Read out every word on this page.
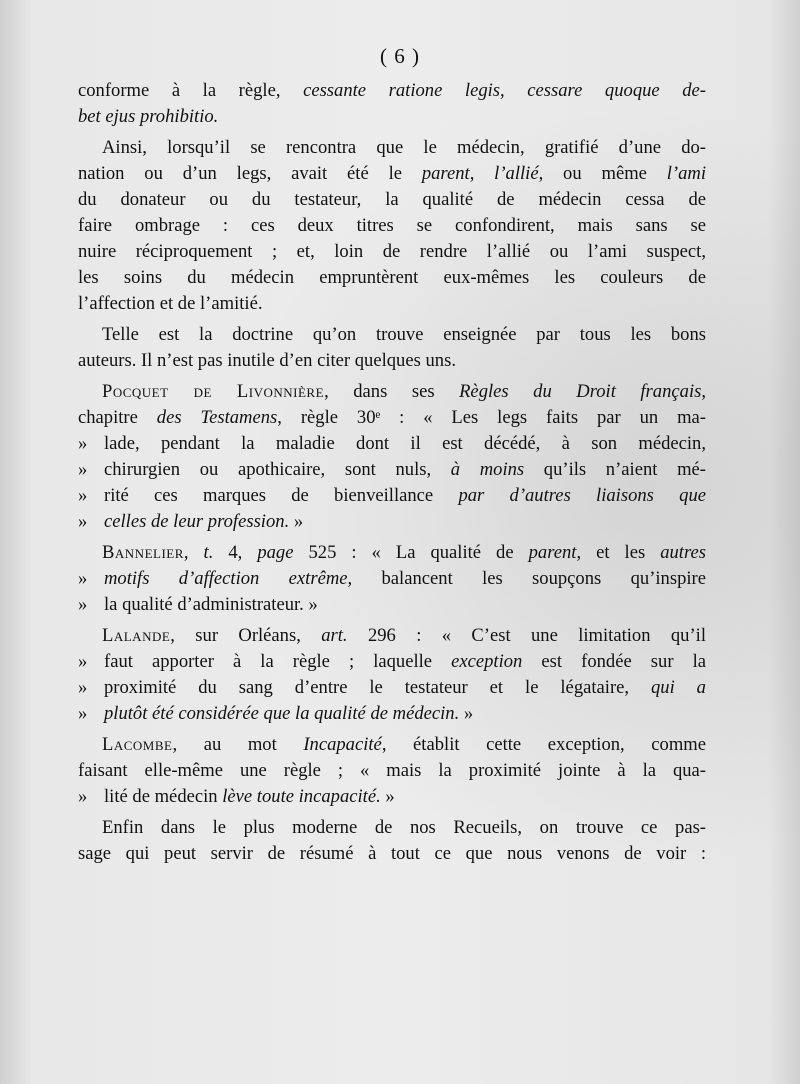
( 6 )
conforme à la règle, cessante ratione legis, cessare quoque de-
bet ejus prohibitio.
Ainsi, lorsqu’il se rencontra que le médecin, gratifié d’une do-
nation ou d’un legs, avait été le parent, l’allié, ou même l’ami
du donateur ou du testateur, la qualité de médecin cessa de
faire ombrage : ces deux titres se confondirent, mais sans se
nuire réciproquement ; et, loin de rendre l’allié ou l’ami suspect,
les soins du médecin empruntèrent eux-mêmes les couleurs de
l’affection et de l’amitié.
Telle est la doctrine qu’on trouve enseignée par tous les bons
auteurs. Il n’est pas inutile d’en citer quelques uns.
Pocquet de Livonnière, dans ses Règles du Droit français,
chapitre des Testamens, règle 30ᵉ : « Les legs faits par un ma-
» lade, pendant la maladie dont il est décédé, à son médecin,
» chirurgien ou apothicaire, sont nuls, à moins qu’ils n’aient mé-
» rité ces marques de bienveillance par d’autres liaisons que
» celles de leur profession. »
Bannelier, t. 4, page 525 : « La qualité de parent, et les autres
» motifs d’affection extrême, balancent les soupçons qu’inspire
» la qualité d’administrateur. »
Lalande, sur Orléans, art. 296 : « C’est une limitation qu’il
» faut apporter à la règle ; laquelle exception est fondée sur la
» proximité du sang d’entre le testateur et le légataire, qui a
» plutôt été considérée que la qualité de médecin. »
Lacombe, au mot Incapacité, établit cette exception, comme
faisant elle-même une règle ; « mais la proximité jointe à la qua-
» lité de médecin lève toute incapacité. »
Enfin dans le plus moderne de nos Recueils, on trouve ce pas-
sage qui peut servir de résumé à tout ce que nous venons de voir :
